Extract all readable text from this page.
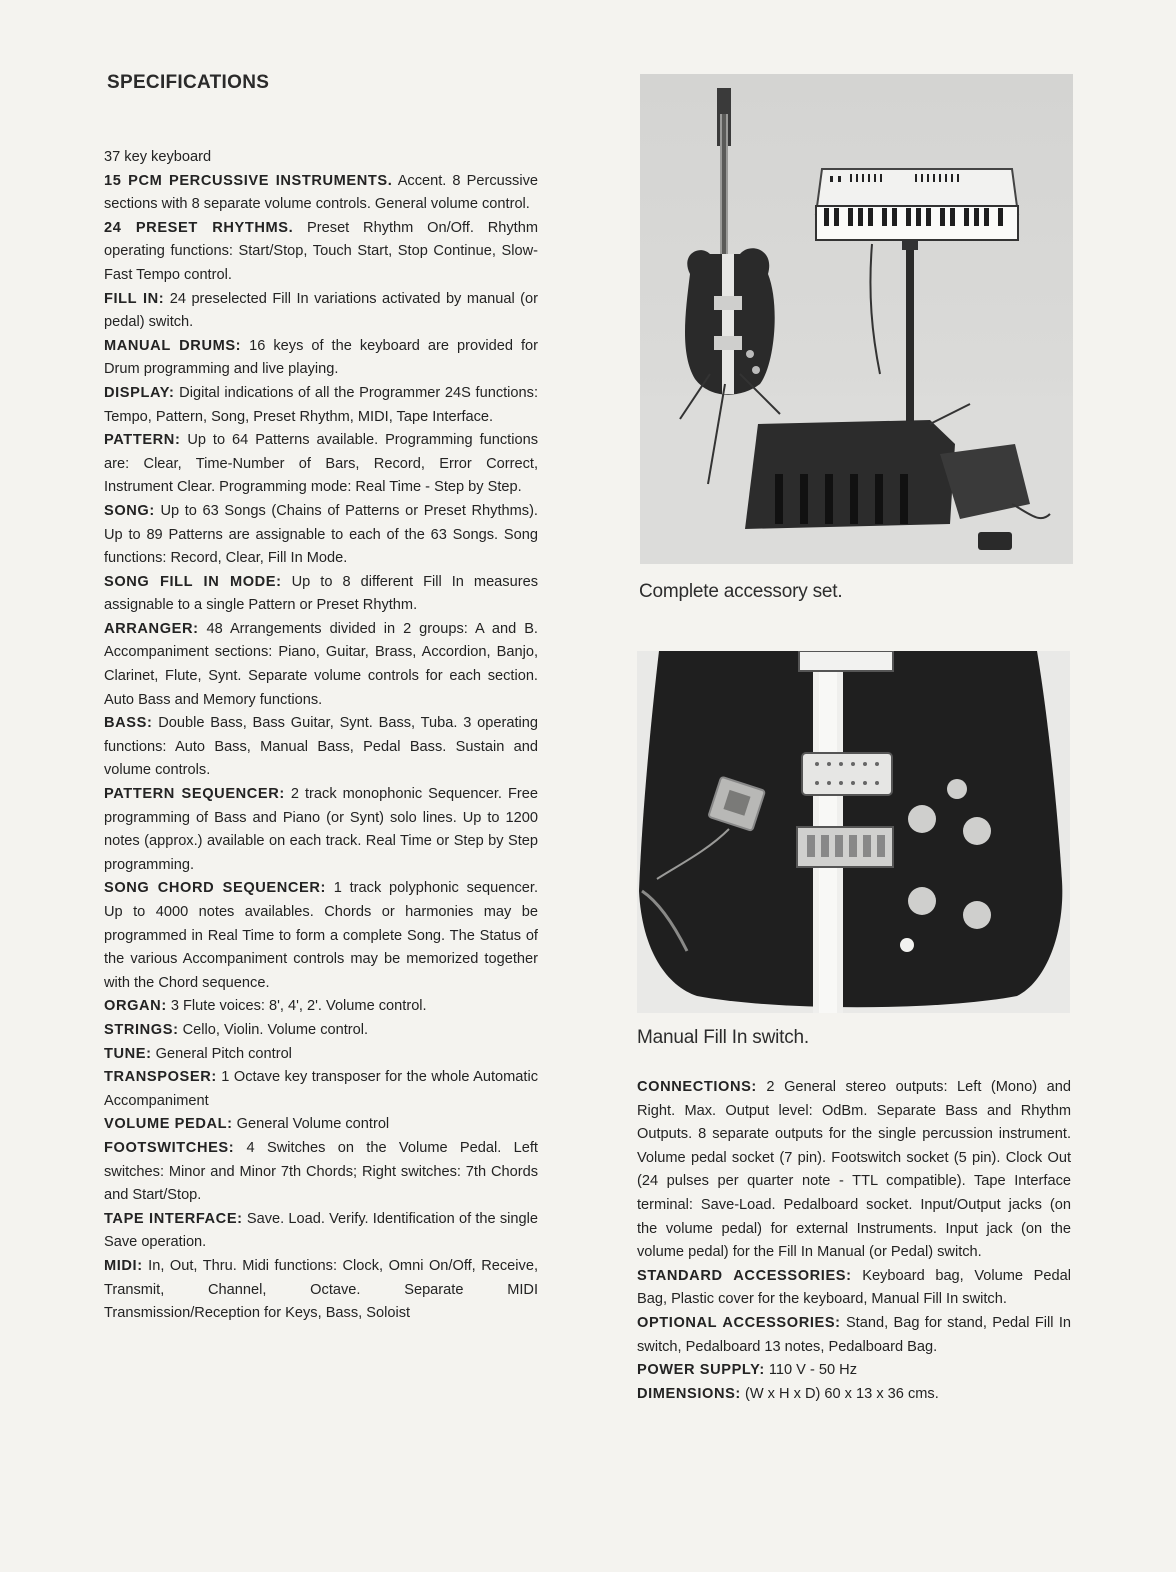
SPECIFICATIONS

37 key keyboard

15 PCM PERCUSSIVE INSTRUMENTS. Accent. 8 Percussive sections with 8 separate volume controls. General volume control.

24 PRESET RHYTHMS. Preset Rhythm On/Off. Rhythm operating functions: Start/Stop, Touch Start, Stop Continue, Slow-Fast Tempo control.

FILL IN: 24 preselected Fill In variations activated by manual (or pedal) switch.

MANUAL DRUMS: 16 keys of the keyboard are provided for Drum programming and live playing.

DISPLAY: Digital indications of all the Programmer 24S functions: Tempo, Pattern, Song, Preset Rhythm, MIDI, Tape Interface.

PATTERN: Up to 64 Patterns available. Programming functions are: Clear, Time-Number of Bars, Record, Error Correct, Instrument Clear. Programming mode: Real Time - Step by Step.

SONG: Up to 63 Songs (Chains of Patterns or Preset Rhythms). Up to 89 Patterns are assignable to each of the 63 Songs. Song functions: Record, Clear, Fill In Mode.

SONG FILL IN MODE: Up to 8 different Fill In measures assignable to a single Pattern or Preset Rhythm.

ARRANGER: 48 Arrangements divided in 2 groups: A and B. Accompaniment sections: Piano, Guitar, Brass, Accordion, Banjo, Clarinet, Flute, Synt. Separate volume controls for each section. Auto Bass and Memory functions.

BASS: Double Bass, Bass Guitar, Synt. Bass, Tuba. 3 operating functions: Auto Bass, Manual Bass, Pedal Bass. Sustain and volume controls.

PATTERN SEQUENCER: 2 track monophonic Sequencer. Free programming of Bass and Piano (or Synt) solo lines. Up to 1200 notes (approx.) available on each track. Real Time or Step by Step programming.

SONG CHORD SEQUENCER: 1 track polyphonic sequencer. Up to 4000 notes availables. Chords or harmonies may be programmed in Real Time to form a complete Song. The Status of the various Accompaniment controls may be memorized together with the Chord sequence.

ORGAN: 3 Flute voices: 8', 4', 2'. Volume control.

STRINGS: Cello, Violin. Volume control.

TUNE: General Pitch control

TRANSPOSER: 1 Octave key transposer for the whole Automatic Accompaniment

VOLUME PEDAL: General Volume control

FOOTSWITCHES: 4 Switches on the Volume Pedal. Left switches: Minor and Minor 7th Chords; Right switches: 7th Chords and Start/Stop.

TAPE INTERFACE: Save. Load. Verify. Identification of the single Save operation.

MIDI: In, Out, Thru. Midi functions: Clock, Omni On/Off, Receive, Transmit, Channel, Octave. Separate MIDI Transmission/Reception for Keys, Bass, Soloist

Complete accessory set.
Manual Fill In switch.

CONNECTIONS: 2 General stereo outputs: Left (Mono) and Right. Max. Output level: OdBm. Separate Bass and Rhythm Outputs. 8 separate outputs for the single percussion instrument. Volume pedal socket (7 pin). Footswitch socket (5 pin). Clock Out (24 pulses per quarter note - TTL compatible). Tape Interface terminal: Save-Load. Pedalboard socket. Input/Output jacks (on the volume pedal) for external Instruments. Input jack (on the volume pedal) for the Fill In Manual (or Pedal) switch.

STANDARD ACCESSORIES: Keyboard bag, Volume Pedal Bag, Plastic cover for the keyboard, Manual Fill In switch.

OPTIONAL ACCESSORIES: Stand, Bag for stand, Pedal Fill In switch, Pedalboard 13 notes, Pedalboard Bag.

POWER SUPPLY: 110 V - 50 Hz

DIMENSIONS: (W x H x D) 60 x 13 x 36 cms.
